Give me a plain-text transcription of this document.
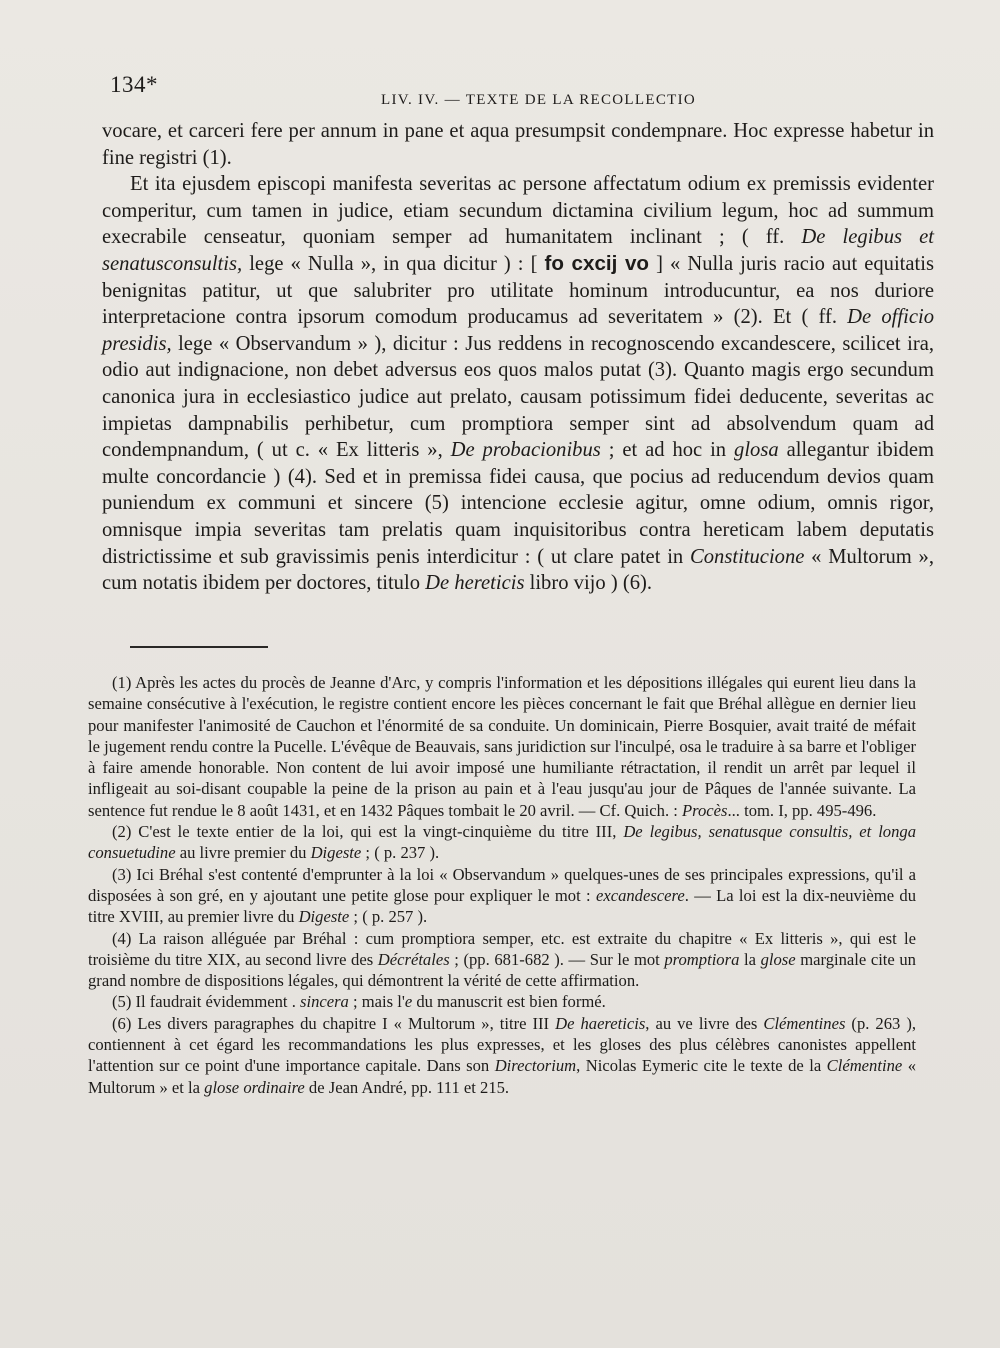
134*
LIV. IV. — TEXTE DE LA RECOLLECTIO

vocare, et carceri fere per annum in pane et aqua presumpsit condempnare. Hoc expresse habetur in fine registri (1).

Et ita ejusdem episcopi manifesta severitas ac persone affectatum odium ex premissis evidenter comperitur, cum tamen in judice, etiam secundum dictamina civilium legum, hoc ad summum execrabile censeatur, quoniam semper ad humanitatem inclinant ; ( ff. De legibus et senatusconsultis, lege « Nulla », in qua dicitur ) : [ fo cxcij vo ] « Nulla juris racio aut equitatis benignitas patitur, ut que salubriter pro utilitate hominum introducuntur, ea nos duriore interpretacione contra ipsorum comodum producamus ad severitatem » (2). Et ( ff. De officio presidis, lege « Observandum » ), dicitur : Jus reddens in recognoscendo excandescere, scilicet ira, odio aut indignacione, non debet adversus eos quos malos putat (3). Quanto magis ergo secundum canonica jura in ecclesiastico judice aut prelato, causam potissimum fidei deducente, severitas ac impietas dampnabilis perhibetur, cum promptiora semper sint ad absolvendum quam ad condempnandum, ( ut c. « Ex litteris », De probacionibus ; et ad hoc in glosa allegantur ibidem multe concordancie ) (4). Sed et in premissa fidei causa, que pocius ad reducendum devios quam puniendum ex communi et sincere (5) intencione ecclesie agitur, omne odium, omnis rigor, omnisque impia severitas tam prelatis quam inquisitoribus contra hereticam labem deputatis districtissime et sub gravissimis penis interdicitur : ( ut clare patet in Constitucione « Multorum », cum notatis ibidem per doctores, titulo De hereticis libro vijo ) (6).

(1) Après les actes du procès de Jeanne d'Arc, y compris l'information et les dépositions illégales qui eurent lieu dans la semaine consécutive à l'exécution, le registre contient encore les pièces concernant le fait que Bréhal allègue en dernier lieu pour manifester l'animosité de Cauchon et l'énormité de sa conduite. Un dominicain, Pierre Bosquier, avait traité de méfait le jugement rendu contre la Pucelle. L'évêque de Beauvais, sans juridiction sur l'inculpé, osa le traduire à sa barre et l'obliger à faire amende honorable. Non content de lui avoir imposé une humiliante rétractation, il rendit un arrêt par lequel il infligeait au soi-disant coupable la peine de la prison au pain et à l'eau jusqu'au jour de Pâques de l'année suivante. La sentence fut rendue le 8 août 1431, et en 1432 Pâques tombait le 20 avril. — Cf. Quich. : Procès... tom. I, pp. 495-496.

(2) C'est le texte entier de la loi, qui est la vingt-cinquième du titre III, De legibus, senatusque consultis, et longa consuetudine au livre premier du Digeste ; ( p. 237 ).

(3) Ici Bréhal s'est contenté d'emprunter à la loi « Observandum » quelques-unes de ses principales expressions, qu'il a disposées à son gré, en y ajoutant une petite glose pour expliquer le mot : excandescere. — La loi est la dix-neuvième du titre XVIII, au premier livre du Digeste ; ( p. 257 ).

(4) La raison alléguée par Bréhal : cum promptiora semper, etc. est extraite du chapitre « Ex litteris », qui est le troisième du titre XIX, au second livre des Décrétales ; (pp. 681-682 ). — Sur le mot promptiora la glose marginale cite un grand nombre de dispositions légales, qui démontrent la vérité de cette affirmation.

(5) Il faudrait évidemment . sincera ; mais l'e du manuscrit est bien formé.

(6) Les divers paragraphes du chapitre I « Multorum », titre III De haereticis, au ve livre des Clémentines (p. 263 ), contiennent à cet égard les recommandations les plus expresses, et les gloses des plus célèbres canonistes appellent l'attention sur ce point d'une importance capitale. Dans son Directorium, Nicolas Eymeric cite le texte de la Clémentine « Multorum » et la glose ordinaire de Jean André, pp. 111 et 215.
